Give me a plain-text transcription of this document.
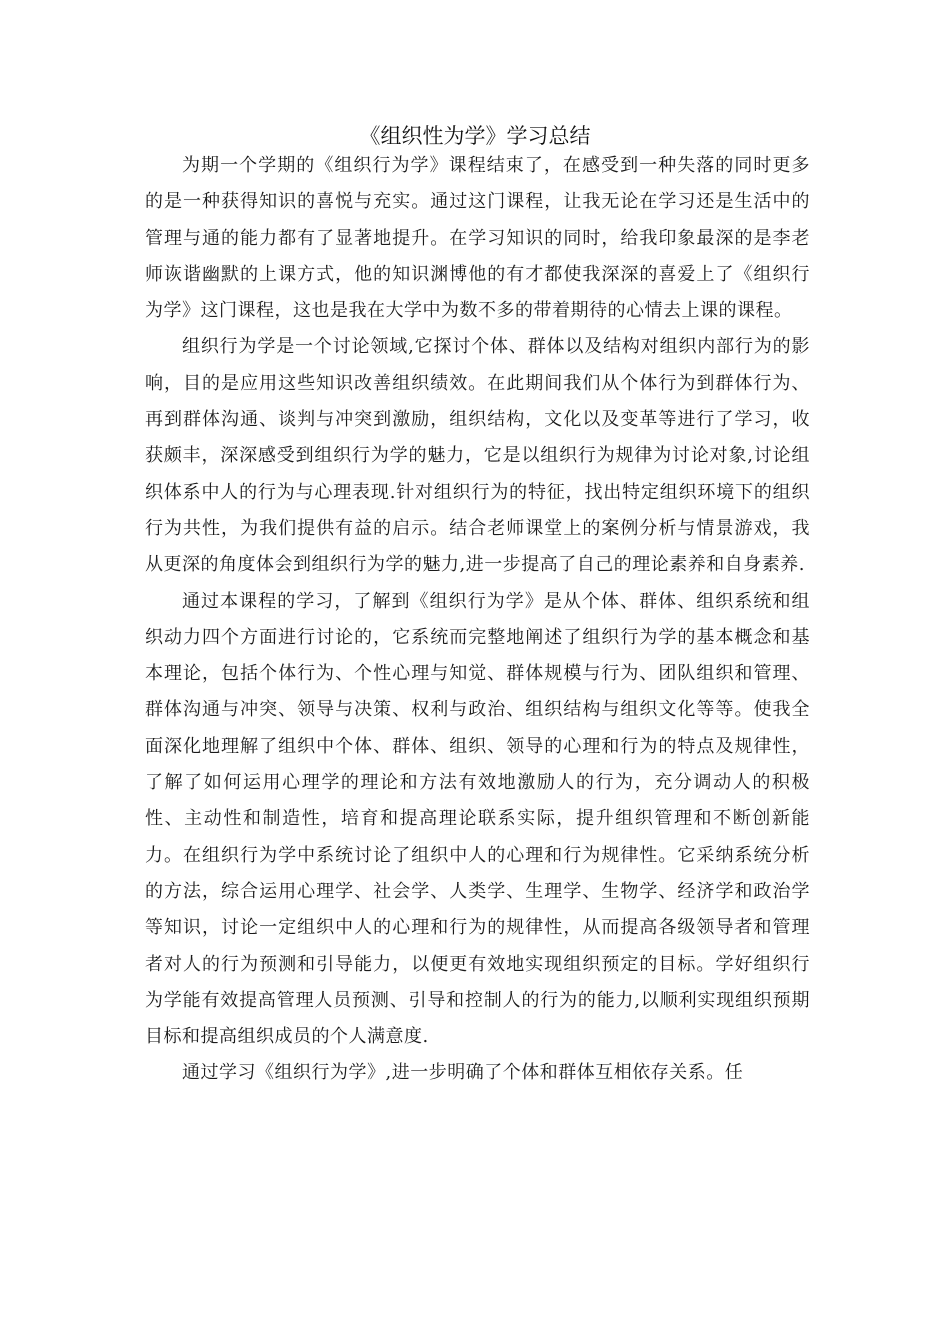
《组织性为学》学习总结

为期一个学期的《组织行为学》课程结束了，在感受到一种失落的同时更多的是一种获得知识的喜悦与充实。通过这门课程，让我无论在学习还是生活中的管理与通的能力都有了显著地提升。在学习知识的同时，给我印象最深的是李老师诙谐幽默的上课方式，他的知识渊博他的有才都使我深深的喜爱上了《组织行为学》这门课程，这也是我在大学中为数不多的带着期待的心情去上课的课程。

组织行为学是一个讨论领域,它探讨个体、群体以及结构对组织内部行为的影响，目的是应用这些知识改善组织绩效。在此期间我们从个体行为到群体行为、再到群体沟通、谈判与冲突到激励，组织结构，文化以及变革等进行了学习，收获颇丰，深深感受到组织行为学的魅力，它是以组织行为规律为讨论对象,讨论组织体系中人的行为与心理表现.针对组织行为的特征，找出特定组织环境下的组织行为共性，为我们提供有益的启示。结合老师课堂上的案例分析与情景游戏，我从更深的角度体会到组织行为学的魅力,进一步提高了自己的理论素养和自身素养.

通过本课程的学习，了解到《组织行为学》是从个体、群体、组织系统和组织动力四个方面进行讨论的，它系统而完整地阐述了组织行为学的基本概念和基本理论，包括个体行为、个性心理与知觉、群体规模与行为、团队组织和管理、群体沟通与冲突、领导与决策、权利与政治、组织结构与组织文化等等。使我全面深化地理解了组织中个体、群体、组织、领导的心理和行为的特点及规律性，了解了如何运用心理学的理论和方法有效地激励人的行为，充分调动人的积极性、主动性和制造性，培育和提高理论联系实际，提升组织管理和不断创新能力。在组织行为学中系统讨论了组织中人的心理和行为规律性。它采纳系统分析的方法，综合运用心理学、社会学、人类学、生理学、生物学、经济学和政治学等知识，讨论一定组织中人的心理和行为的规律性，从而提高各级领导者和管理者对人的行为预测和引导能力，以便更有效地实现组织预定的目标。学好组织行为学能有效提高管理人员预测、引导和控制人的行为的能力,以顺利实现组织预期目标和提高组织成员的个人满意度.

通过学习《组织行为学》,进一步明确了个体和群体互相依存关系。任
